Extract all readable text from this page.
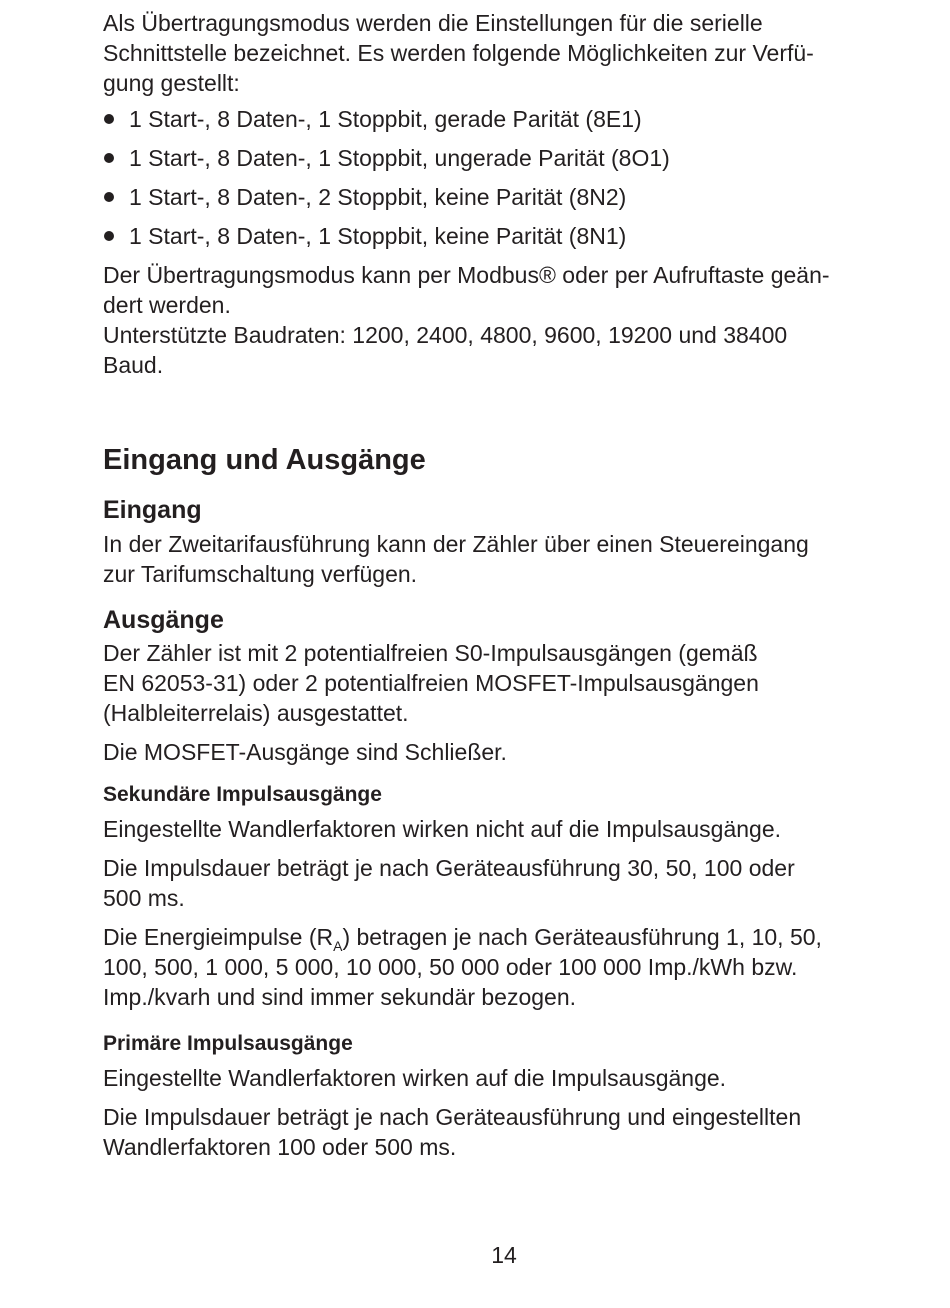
Als Übertragungsmodus werden die Einstellungen für die serielle
Schnittstelle bezeichnet. Es werden folgende Möglichkeiten zur Verfü-
gung gestellt:
1 Start-, 8 Daten-, 1 Stoppbit, gerade Parität (8E1)
1 Start-, 8 Daten-, 1 Stoppbit, ungerade Parität (8O1)
1 Start-, 8 Daten-, 2 Stoppbit, keine Parität (8N2)
1 Start-, 8 Daten-, 1 Stoppbit, keine Parität (8N1)
Der Übertragungsmodus kann per Modbus® oder per Aufruftaste geän-
dert werden.
Unterstützte Baudraten: 1200, 2400, 4800, 9600, 19200 und 38400
Baud.
Eingang und Ausgänge
Eingang
In der Zweitarifausführung kann der Zähler über einen Steuereingang
zur Tarifumschaltung verfügen.
Ausgänge
Der Zähler ist mit 2 potentialfreien S0-Impulsausgängen (gemäß
EN 62053-31) oder 2 potentialfreien MOSFET-Impulsausgängen
(Halbleiterrelais) ausgestattet.
Die MOSFET-Ausgänge sind Schließer.
Sekundäre Impulsausgänge
Eingestellte Wandlerfaktoren wirken nicht auf die Impulsausgänge.
Die Impulsdauer beträgt je nach Geräteausführung 30, 50, 100 oder
500 ms.
Die Energieimpulse $(R_A)$ betragen je nach Geräteausführung 1, 10, 50,
100, 500, 1 000, 5 000, 10 000, 50 000 oder 100 000 Imp./kWh bzw.
Imp./kvarh und sind immer sekundär bezogen.
Primäre Impulsausgänge
Eingestellte Wandlerfaktoren wirken auf die Impulsausgänge.
Die Impulsdauer beträgt je nach Geräteausführung und eingestellten
Wandlerfaktoren 100 oder 500 ms.
14
